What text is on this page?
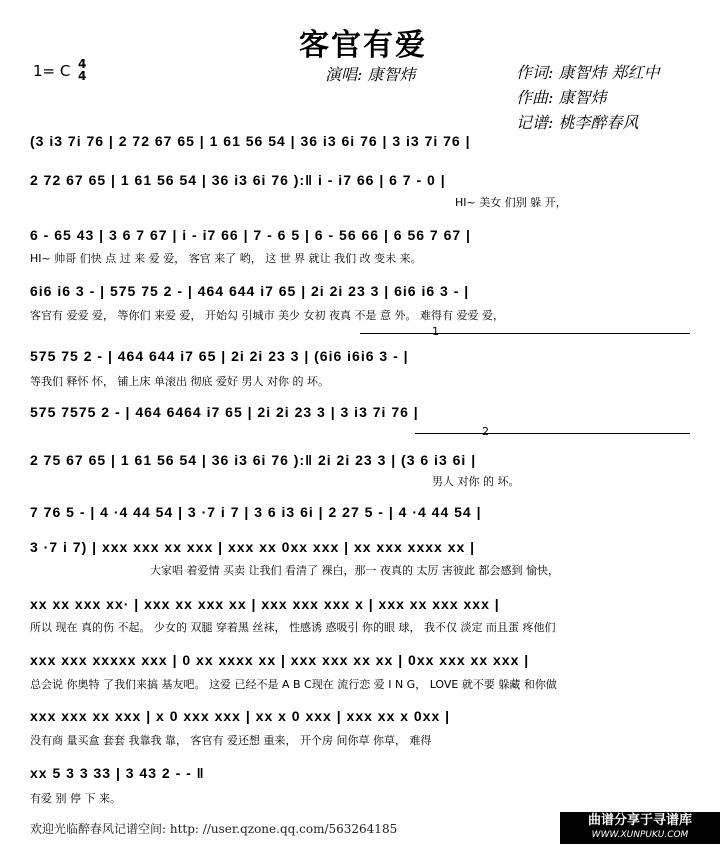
客官有爱
1= C 4
4	演唱: 康智炜	作词: 康智炜 郑红中
作曲: 康智炜
记谱: 桃李醉春风
(3 i3 7i 76 | 2 72 67 65 | 1 61 56 54 | 36 i3 6i 76 | 3 i3 7i 76 |
2 72 67 65 | 1 61 56 54 | 36 i3 6i 76 ):‖ i - i7 66 | 6 7 - 0 |
HI~ 美女 们别 躲 开，
6 - 65 43 | 3 6 7 67 | i - i7 66 | 7 - 6 5 | 6 - 56 66 | 6 56 7 67 |
HI~ 帅哥 们快 点 过 来 爱 爱， 客官 来了 哟， 这 世 界 就让 我们 改 变未 来。
6i6 i6 3 - | 575 75 2 - | 464 644 i7 65 | 2i 2i 23 3 | 6i6 i6 3 - |
客官有 爱爱 爱， 等你们 来爱 爱， 开始勾 引城市 美少 女初 夜真 不是 意 外。 难得有 爱爱 爱，
1
575 75 2 - | 464 644 i7 65 | 2i 2i 23 3 | (6i6 i6i6 3 - |
等我们 释怀 怀， 铺上床 单滚出 彻底 爱好 男人 对你 的 坏。
575 7575 2 - | 464 6464 i7 65 | 2i 2i 23 3 | 3 i3 7i 76 |
2
2 75 67 65 | 1 61 56 54 | 36 i3 6i 76 ):‖ 2i 2i 23 3 | (3 6 i3 6i |
男人 对你 的 坏。
7 76 5 - | 4 ·4 44 54 | 3 ·7 i 7 | 3 6 i3 6i | 2 27 5 - | 4 ·4 44 54 |
3 ·7 i 7) | xxx xxx xx xxx | xxx xx 0xx xxx | xx xxx xxxx xx |
大家唱 着爱情 买卖 让我们 看清了 裸白，那一 夜真的 太厉 害彼此 都会感到 愉快，
xx xx xxx xx· | xxx xx xxx xx | xxx xxx xxx x | xxx xx xxx xxx |
所以 现在 真的伤 不起。 少女的 双腿 穿着黑 丝袜， 性感诱 惑吸引 你的眼 球， 我不仅 淡定 而且蛋 疼他们
xxx xxx xxxxx xxx | 0 xx xxxx xx | xxx xxx xx xx | 0xx xxx xx xxx |
总会说 你奥特 了我们来搞 基友吧。 这爱 已经不是 A B C现在 流行恋 爱 I N G， LOVE 就不要 躲藏 和你做
xxx xxx xx xxx | x 0 xxx xxx | xx x 0 xxx | xxx xx x 0xx |
没有商 量买盒 套套 我靠我 靠， 客官有 爱还想 重来， 开个房 间你草 你草， 难得
xx 5 3 3 33 | 3 43 2 - - ‖
有爱 别 停 下 来。
欢迎光临醉春风记谱空间: http: //user.qzone.qq.com/563264185
曲谱分享于寻谱库
WWW.XUNPUKU.COM
